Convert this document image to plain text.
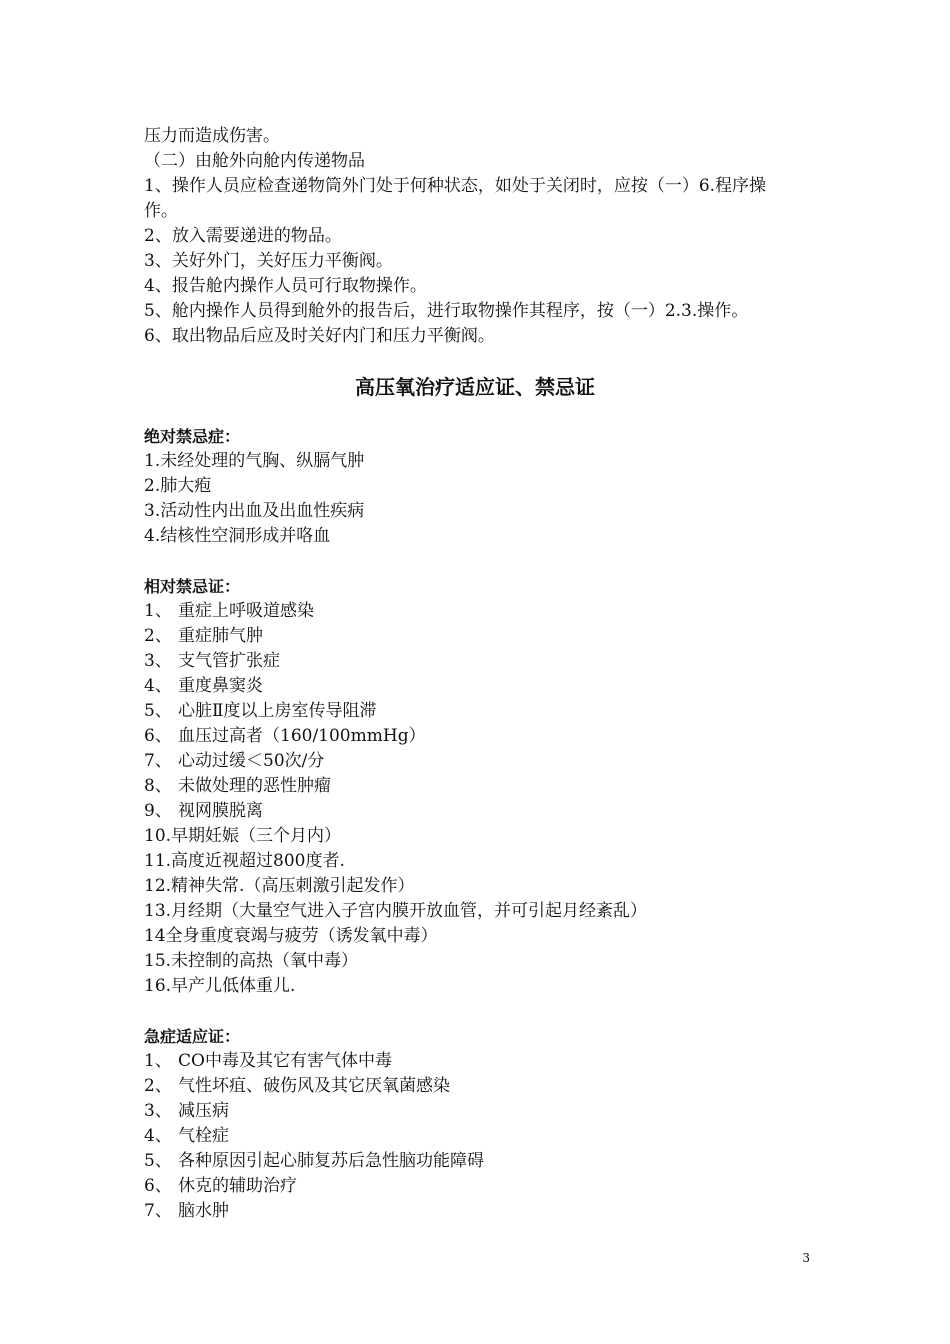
压力而造成伤害。
（二）由舱外向舱内传递物品
1、操作人员应检查递物筒外门处于何种状态，如处于关闭时，应按（一）6.程序操
作。
2、放入需要递进的物品。
3、关好外门，关好压力平衡阀。
4、报告舱内操作人员可行取物操作。
5、舱内操作人员得到舱外的报告后，进行取物操作其程序，按（一）2.3.操作。
6、取出物品后应及时关好内门和压力平衡阀。
高压氧治疗适应证、禁忌证
绝对禁忌症：
1.未经处理的气胸、纵膈气肿
2.肺大疱
3.活动性内出血及出血性疾病
4.结核性空洞形成并咯血
相对禁忌证：
1、 重症上呼吸道感染
2、 重症肺气肿
3、 支气管扩张症
4、 重度鼻窦炎
5、 心脏Ⅱ度以上房室传导阻滞
6、 血压过高者（160/100mmHg）
7、 心动过缓＜50次/分
8、 未做处理的恶性肿瘤
9、 视网膜脱离
10.早期妊娠（三个月内）
11.高度近视超过800度者.
12.精神失常.（高压刺激引起发作）
13.月经期（大量空气进入子宫内膜开放血管，并可引起月经紊乱）
14全身重度衰竭与疲劳（诱发氧中毒）
15.未控制的高热（氧中毒）
16.早产儿低体重儿.
急症适应证：
1、 CO中毒及其它有害气体中毒
2、 气性坏疽、破伤风及其它厌氧菌感染
3、 减压病
4、 气栓症
5、 各种原因引起心肺复苏后急性脑功能障碍
6、 休克的辅助治疗
7、 脑水肿
3
